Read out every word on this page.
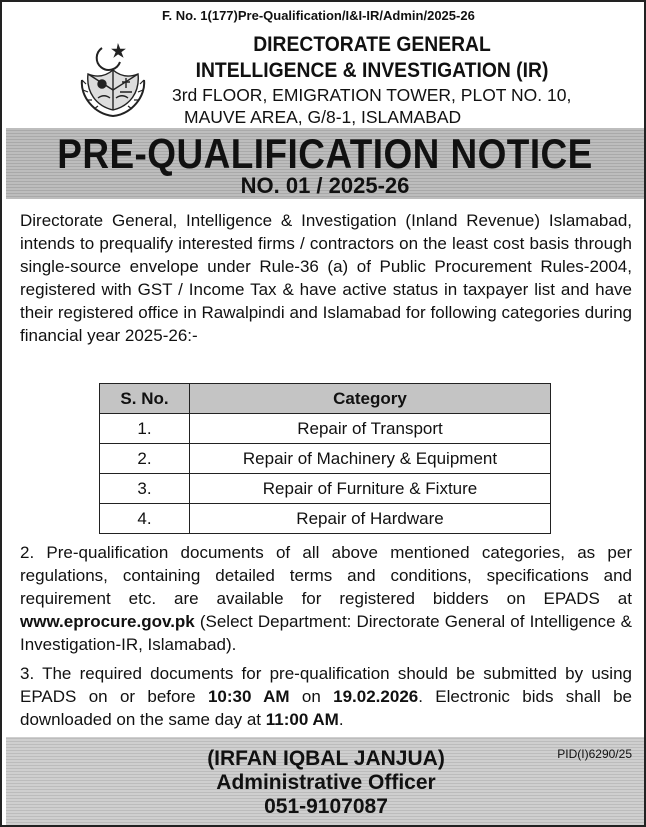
F. No. 1(177)Pre-Qualification/I&I-IR/Admin/2025-26
DIRECTORATE GENERAL
INTELLIGENCE & INVESTIGATION (IR)
3rd FLOOR, EMIGRATION TOWER, PLOT NO. 10,
MAUVE AREA, G/8-1, ISLAMABAD
PRE-QUALIFICATION NOTICE
NO. 01 / 2025-26
Directorate General, Intelligence & Investigation (Inland Revenue) Islamabad, intends to prequalify interested firms / contractors on the least cost basis through single-source envelope under Rule-36 (a) of Public Procurement Rules-2004, registered with GST / Income Tax & have active status in taxpayer list and have their registered office in Rawalpindi and Islamabad for following categories during financial year 2025-26:-
S. No.	Category
1.	Repair of Transport
2.	Repair of Machinery & Equipment
3.	Repair of Furniture & Fixture
4.	Repair of Hardware
2. Pre-qualification documents of all above mentioned categories, as per regulations, containing detailed terms and conditions, specifications and requirement etc. are available for registered bidders on EPADS at www.eprocure.gov.pk (Select Department: Directorate General of Intelligence & Investigation-IR, Islamabad).
3. The required documents for pre-qualification should be submitted by using EPADS on or before 10:30 AM on 19.02.2026. Electronic bids shall be downloaded on the same day at 11:00 AM.
(IRFAN IQBAL JANJUA)
Administrative Officer
051-9107087
PID(I)6290/25
